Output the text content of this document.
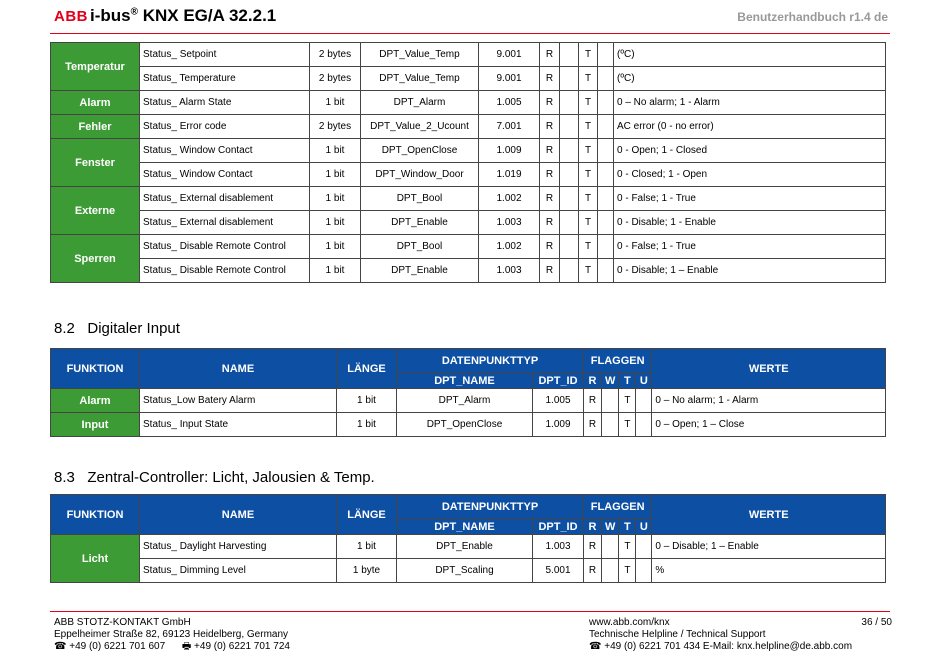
ABB i-bus® KNX EG/A 32.2.1	Benutzerhandbuch r1.4 de
Temperatur	Status_ Setpoint	2 bytes	DPT_Value_Temp	9.001	R		T		(ºC)
	Status_ Temperature	2 bytes	DPT_Value_Temp	9.001	R		T		(ºC)
Alarm	Status_ Alarm State	1 bit	DPT_Alarm	1.005	R		T		0 – No alarm; 1 - Alarm
Fehler	Status_ Error code	2 bytes	DPT_Value_2_Ucount	7.001	R		T		AC error (0 - no error)
Fenster	Status_ Window Contact	1 bit	DPT_OpenClose	1.009	R		T		0 - Open; 1 - Closed
	Status_ Window Contact	1 bit	DPT_Window_Door	1.019	R		T		0 - Closed; 1 - Open
Externe	Status_ External disablement	1 bit	DPT_Bool	1.002	R		T		0 - False; 1 - True
	Status_ External disablement	1 bit	DPT_Enable	1.003	R		T		0 - Disable; 1 - Enable
Sperren	Status_ Disable Remote Control	1 bit	DPT_Bool	1.002	R		T		0 - False; 1 - True
	Status_ Disable Remote Control	1 bit	DPT_Enable	1.003	R		T		0 - Disable; 1 – Enable
8.2 Digitaler Input
FUNKTION	NAME	LÄNGE	DATENPUNKTTYP		FLAGGEN				WERTE
			DPT_NAME	DPT_ID	R	W	T	U	
Alarm	Status_Low Batery Alarm	1 bit	DPT_Alarm	1.005	R		T		0 – No alarm; 1 - Alarm
Input	Status_ Input State	1 bit	DPT_OpenClose	1.009	R		T		0 – Open; 1 – Close
8.3 Zentral-Controller: Licht, Jalousien & Temp.
FUNKTION	NAME	LÄNGE	DATENPUNKTTYP		FLAGGEN				WERTE
			DPT_NAME	DPT_ID	R	W	T	U	
Licht	Status_ Daylight Harvesting	1 bit	DPT_Enable	1.003	R		T		0 – Disable; 1 – Enable
	Status_ Dimming Level	1 byte	DPT_Scaling	5.001	R		T		%
ABB STOTZ-KONTAKT GmbH
Eppelheimer Straße 82, 69123 Heidelberg, Germany
☎ +49 (0) 6221 701 607 🖶 +49 (0) 6221 701 724
www.abb.com/knx
Technische Helpline / Technical Support
☎ +49 (0) 6221 701 434 E-Mail: knx.helpline@de.abb.com
36 / 50
